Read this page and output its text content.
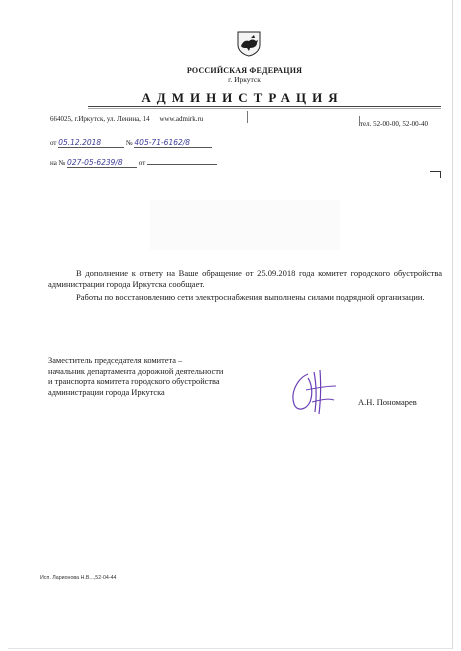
РОССИЙСКАЯ ФЕДЕРАЦИЯ
г. Иркутск
АДМИНИСТРАЦИЯ
664025, г.Иркутск, ул. Ленина, 14 www.admirk.ru
тел. 52-00-00, 52-00-40
от 05.12.2018	№ 405-71-6162/8
на № 027-05-6239/8 от
В дополнение к ответу на Ваше обращение от 25.09.2018 года комитет городского обустройства администрации города Иркутска сообщает.
Работы по восстановлению сети электроснабжения выполнены силами подрядной организации.
Заместитель председателя комитета –
начальник департамента дорожной деятельности
и транспорта комитета городского обустройства
администрации города Иркутска
А.Н. Пономарев
Исп. Ларионова Н.В...,52-04-44
